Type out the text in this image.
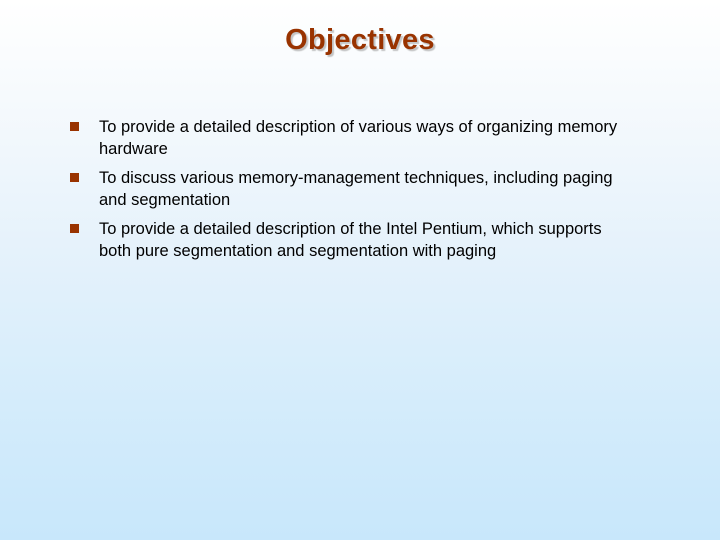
Objectives
To provide a detailed description of various ways of organizing memory hardware
To discuss various memory-management techniques, including paging and segmentation
To provide a detailed description of the Intel Pentium, which supports both pure segmentation and segmentation with paging
